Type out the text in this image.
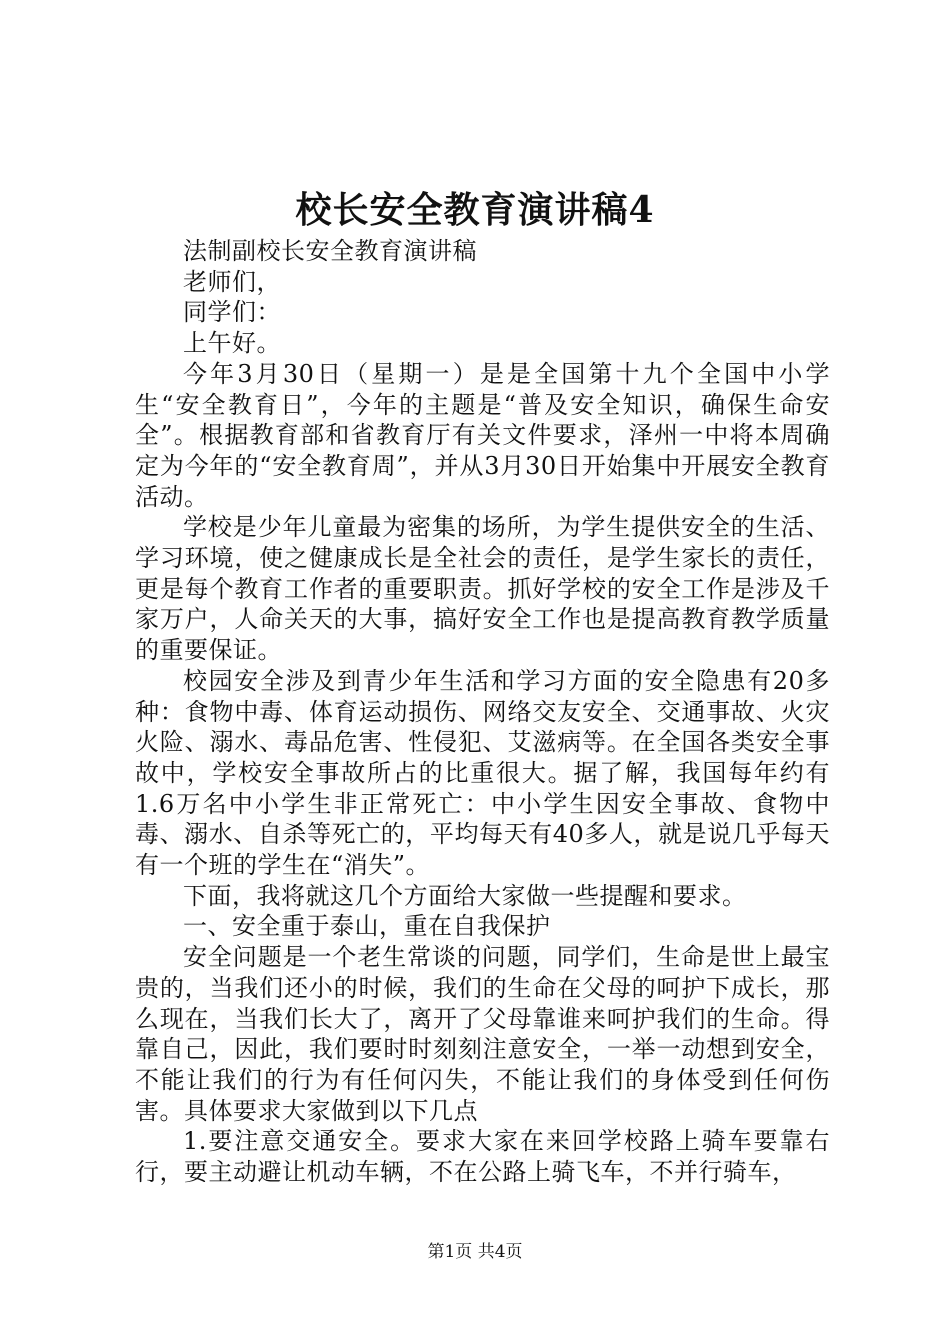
校长安全教育演讲稿4

法制副校长安全教育演讲稿

老师们，

同学们：

上午好。

今年3月30日（星期一）是是全国第十九个全国中小学生“安全教育日”，今年的主题是“普及安全知识，确保生命安全”。根据教育部和省教育厅有关文件要求，泽州一中将本周确定为今年的“安全教育周”，并从3月30日开始集中开展安全教育活动。

学校是少年儿童最为密集的场所，为学生提供安全的生活、学习环境，使之健康成长是全社会的责任，是学生家长的责任，更是每个教育工作者的重要职责。抓好学校的安全工作是涉及千家万户，人命关天的大事，搞好安全工作也是提高教育教学质量的重要保证。

校园安全涉及到青少年生活和学习方面的安全隐患有20多种：食物中毒、体育运动损伤、网络交友安全、交通事故、火灾火险、溺水、毒品危害、性侵犯、艾滋病等。在全国各类安全事故中，学校安全事故所占的比重很大。据了解，我国每年约有1.6万名中小学生非正常死亡：中小学生因安全事故、食物中毒、溺水、自杀等死亡的，平均每天有40多人，就是说几乎每天有一个班的学生在“消失”。

下面，我将就这几个方面给大家做一些提醒和要求。

一、安全重于泰山，重在自我保护

安全问题是一个老生常谈的问题，同学们，生命是世上最宝贵的，当我们还小的时候，我们的生命在父母的呵护下成长，那么现在，当我们长大了，离开了父母靠谁来呵护我们的生命。得靠自己，因此，我们要时时刻刻注意安全，一举一动想到安全，不能让我们的行为有任何闪失，不能让我们的身体受到任何伤害。具体要求大家做到以下几点

1.要注意交通安全。要求大家在来回学校路上骑车要靠右行，要主动避让机动车辆，不在公路上骑飞车，不并行骑车，

第1页 共4页
